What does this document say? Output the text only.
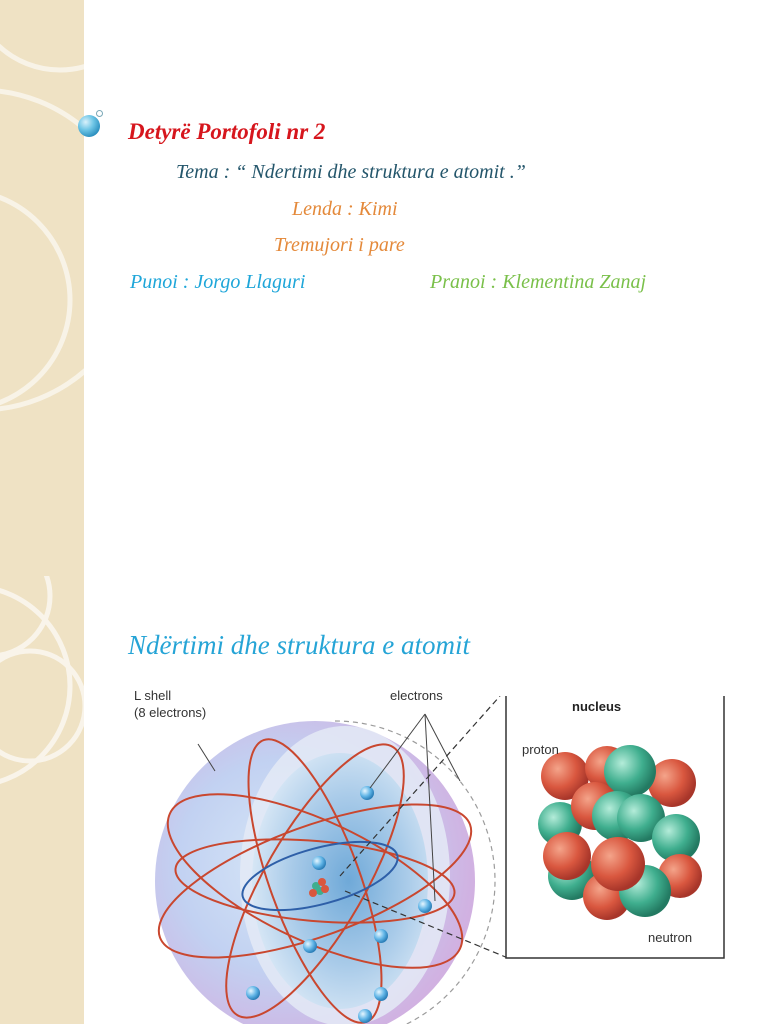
Detyrë Portofoli nr 2
Tema : “ Ndertimi dhe struktura e atomit .”
Lenda : Kimi
Tremujori i pare
Punoi : Jorgo Llaguri	Pranoi : Klementina Zanaj
Ndërtimi dhe struktura e atomit
L shell
(8 electrons)
electrons
nucleus
proton
neutron
